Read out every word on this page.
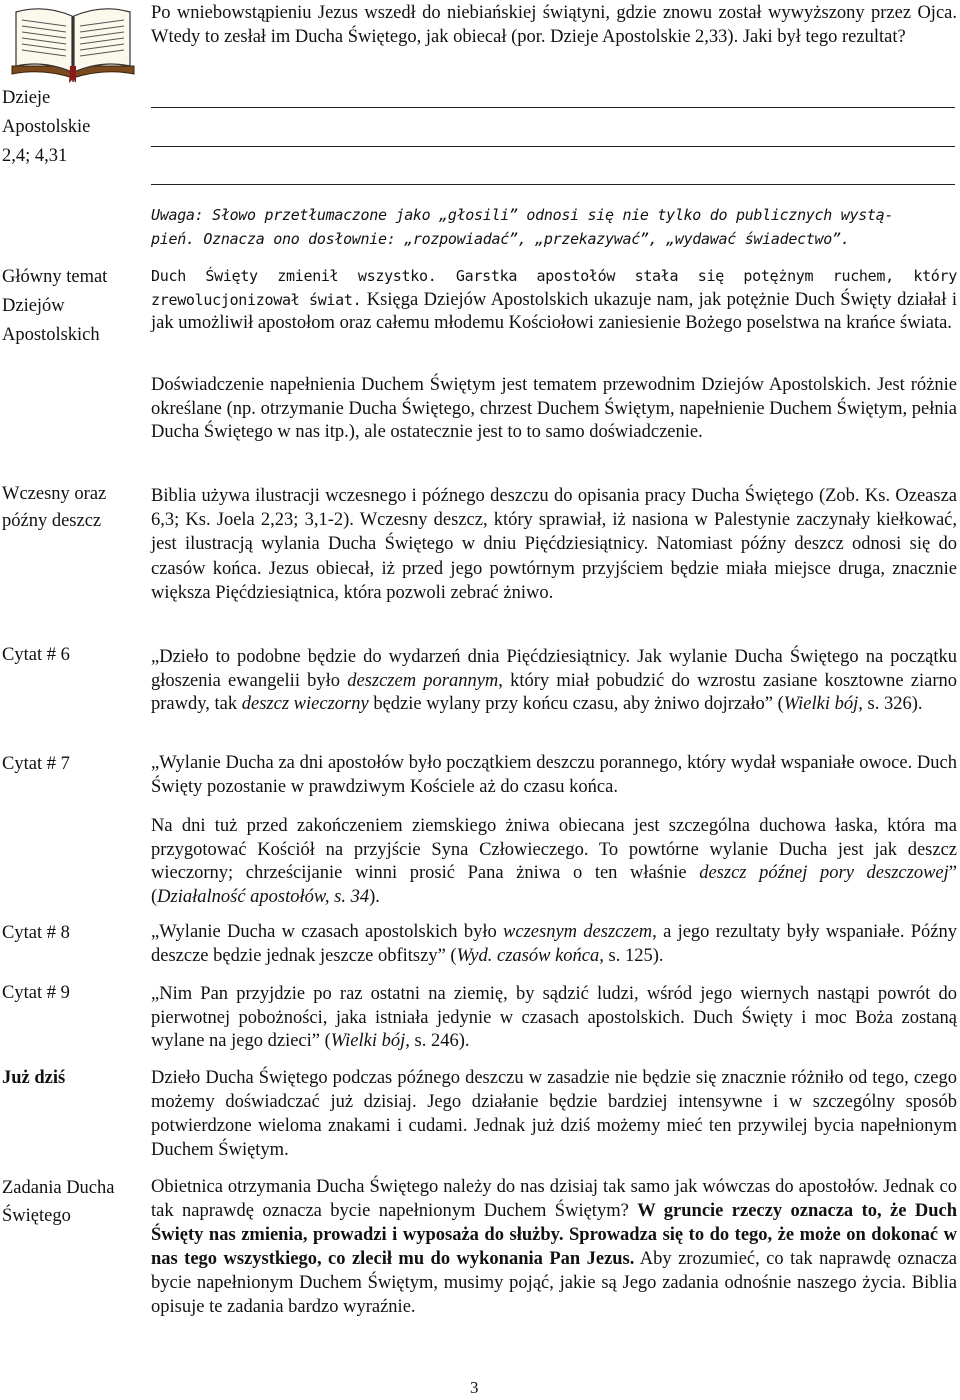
Dzieje
Apostolskie
2,4; 4,31
Główny temat
Dziejów
Apostolskich
Wczesny oraz
późny deszcz
Cytat # 6
Cytat # 7
Cytat # 8
Cytat # 9
Już dziś
Zadania Ducha
Świętego
Po wniebowstąpieniu Jezus wszedł do niebiańskiej świątyni, gdzie znowu został wywyższony przez Ojca. Wtedy to zesłał im Ducha Świętego, jak obiecał (por. Dzieje Apostolskie 2,33). Jaki był tego rezultat?
Uwaga: Słowo przetłumaczone jako „głosili” odnosi się nie tylko do publicznych wystą-
pień. Oznacza ono dosłownie: „rozpowiadać”, „przekazywać”, „wydawać świadectwo”.
Duch Święty zmienił wszystko. Garstka apostołów stała się potężnym ruchem, który zrewolucjonizował świat. Księga Dziejów Apostolskich ukazuje nam, jak potężnie Duch Święty działał i jak umożliwił apostołom oraz całemu młodemu Kościołowi zaniesienie Bożego poselstwa na krańce świata.
Doświadczenie napełnienia Duchem Świętym jest tematem przewodnim Dziejów Apostolskich. Jest różnie określane (np. otrzymanie Ducha Świętego, chrzest Duchem Świętym, napełnienie Duchem Świętym, pełnia Ducha Świętego w nas itp.), ale ostatecznie jest to to samo doświadczenie.
Biblia używa ilustracji wczesnego i późnego deszczu do opisania pracy Ducha Świętego (Zob. Ks. Ozeasza 6,3; Ks. Joela 2,23; 3,1-2). Wczesny deszcz, który sprawiał, iż nasiona w Palestynie zaczynały kiełkować, jest ilustracją wylania Ducha Świętego w dniu Pięćdziesiątnicy. Natomiast późny deszcz odnosi się do czasów końca. Jezus obiecał, iż przed jego powtórnym przyjściem będzie miała miejsce druga, znacznie większa Pięćdziesiątnica, która pozwoli zebrać żniwo.
„Dzieło to podobne będzie do wydarzeń dnia Pięćdziesiątnicy. Jak wylanie Ducha Świętego na początku głoszenia ewangelii było deszczem porannym, który miał pobudzić do wzrostu zasiane kosztowne ziarno prawdy, tak deszcz wieczorny będzie wylany przy końcu czasu, aby żniwo dojrzało” (Wielki bój, s. 326).
„Wylanie Ducha za dni apostołów było początkiem deszczu porannego, który wydał wspaniałe owoce. Duch Święty pozostanie w prawdziwym Kościele aż do czasu końca.
Na dni tuż przed zakończeniem ziemskiego żniwa obiecana jest szczególna duchowa łaska, która ma przygotować Kościół na przyjście Syna Człowieczego. To powtórne wylanie Ducha jest jak deszcz wieczorny; chrześcijanie winni prosić Pana żniwa o ten właśnie deszcz późnej pory deszczowej” (Działalność apostołów, s. 34).
„Wylanie Ducha w czasach apostolskich było wczesnym deszczem, a jego rezultaty były wspaniałe. Późny deszcze będzie jednak jeszcze obfitszy” (Wyd. czasów końca, s. 125).
„Nim Pan przyjdzie po raz ostatni na ziemię, by sądzić ludzi, wśród jego wiernych nastąpi powrót do pierwotnej pobożności, jaka istniała jedynie w czasach apostolskich. Duch Święty i moc Boża zostaną wylane na jego dzieci” (Wielki bój, s. 246).
Dzieło Ducha Świętego podczas późnego deszczu w zasadzie nie będzie się znacznie różniło od tego, czego możemy doświadczać już dzisiaj. Jego działanie będzie bardziej intensywne i w szczególny sposób potwierdzone wieloma znakami i cudami. Jednak już dziś możemy mieć ten przywilej bycia napełnionym Duchem Świętym.
Obietnica otrzymania Ducha Świętego należy do nas dzisiaj tak samo jak wówczas do apostołów. Jednak co tak naprawdę oznacza bycie napełnionym Duchem Świętym? W gruncie rzeczy oznacza to, że Duch Święty nas zmienia, prowadzi i wyposaża do służby. Sprowadza się to do tego, że może on dokonać w nas tego wszystkiego, co zlecił mu do wykonania Pan Jezus. Aby zrozumieć, co tak naprawdę oznacza bycie napełnionym Duchem Świętym, musimy pojąć, jakie są Jego zadania odnośnie naszego życia. Biblia opisuje te zadania bardzo wyraźnie.
3
